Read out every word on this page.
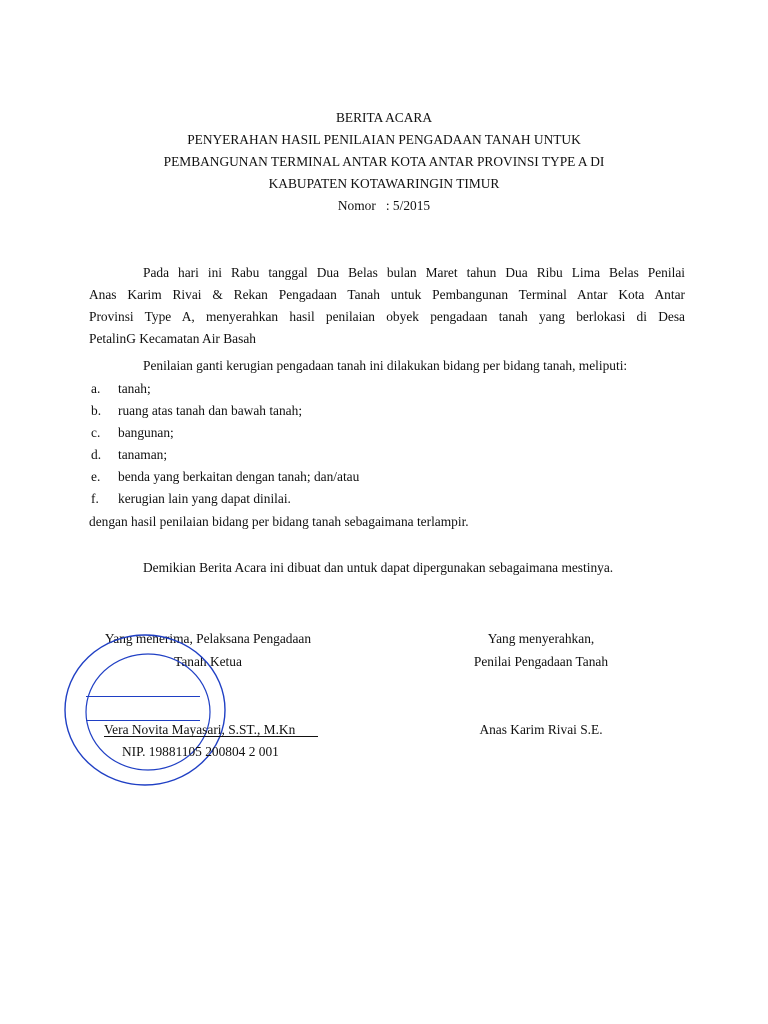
BERITA ACARA
PENYERAHAN HASIL PENILAIAN PENGADAAN TANAH UNTUK
PEMBANGUNAN TERMINAL ANTAR KOTA ANTAR PROVINSI TYPE A DI
KABUPATEN KOTAWARINGIN TIMUR
Nomor   : 5/2015
Pada hari ini Rabu tanggal Dua Belas bulan Maret tahun Dua Ribu Lima Belas Penilai
Anas Karim Rivai & Rekan Pengadaan Tanah untuk Pembangunan Terminal Antar Kota Antar
Provinsi Type A, menyerahkan hasil penilaian obyek pengadaan tanah yang berlokasi di Desa
PetalinG Kecamatan Air Basah
Penilaian ganti kerugian pengadaan tanah ini dilakukan bidang per bidang tanah, meliputi:
a. tanah;
b. ruang atas tanah dan bawah tanah;
c. bangunan;
d. tanaman;
e. benda yang berkaitan dengan tanah; dan/atau
f. kerugian lain yang dapat dinilai.
dengan hasil penilaian bidang per bidang tanah sebagaimana terlampir.
Demikian Berita Acara ini dibuat dan untuk dapat dipergunakan sebagaimana mestinya.
Yang menerima, Pelaksana Pengadaan
Tanah Ketua
Vera Novita Mayasari, S.ST., M.Kn
NIP. 19881105 200804 2 001
Yang menyerahkan,
Penilai Pengadaan Tanah
Anas Karim Rivai S.E.
